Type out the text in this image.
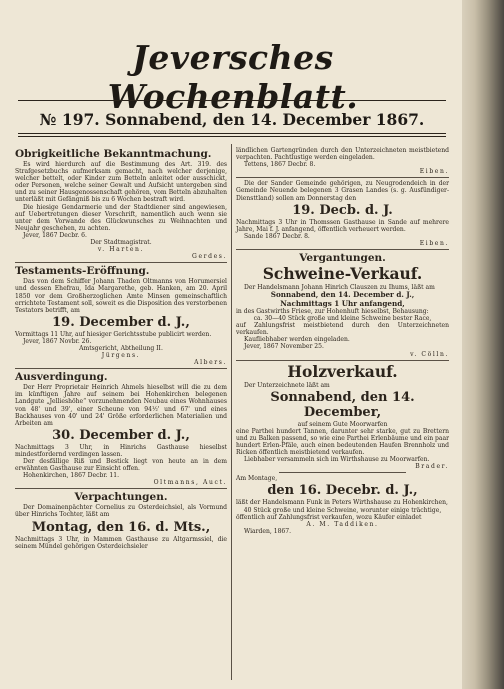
Jeversches Wochenblatt.
№ 197. Sonnabend, den 14. December 1867.
Obrigkeitliche Bekanntmachung.

Es wird hierdurch auf die Bestimmung des Art. 319. des Strafgesetzbuchs aufmerksam gemacht, nach welcher derjenige, welcher bettelt, oder Kinder zum Betteln anleitet oder ausschickt, oder Personen, welche seiner Gewalt und Aufsicht untergeben sind und zu seiner Hausgenossenschaft gehören, vom Betteln abzuhalten unterläßt mit Gefängniß bis zu 6 Wochen bestraft wird.

Die hiesige Gendarmerie und der Stadtdiener sind angewiesen, auf Uebertretungen dieser Vorschrift, namentlich auch wenn sie unter dem Vorwande des Glückwunsches zu Weihnachten und Neujahr geschehen, zu achten.

Jever, 1867 Decbr. 6.

Der Stadtmagistrat.

v. Harten.

Gerdes.

Testaments-Eröffnung.

Das von dem Schiffer Johann Thaden Oltmanns von Horumersiel und dessen Ehefrau, Ida Margarethe, geb. Hanken, am 20. April 1850 vor dem Großherzoglichen Amte Minsen gemeinschaftlich errichtete Testament soll, soweit es die Disposition des verstorbenen Testators betrifft, am

19. December d. J.,

Vormittags 11 Uhr, auf hiesiger Gerichtsstube publicirt werden.

Jever, 1867 Novbr. 26.

Amtsgericht, Abtheilung II.

Jürgens.

Albers.

Ausverdingung.

Der Herr Proprietair Heinrich Ahmels hieselbst will die zu dem im künftigen Jahre auf seinem bei Hohenkirchen belegenen Landgute „Jellieshöhe“ vorzunehmenden Neubau eines Wohnhauses von 48' und 39', einer Scheune von 94½' und 67' und eines Backhauses von 40' und 24' Größe erforderlichen Materialien und Arbeiten am

30. December d. J.,

Nachmittags 3 Uhr, in Hinrichs Gasthause hieselbst mindestfordernd verdingen lassen.

Der desfällige Riß und Bestick liegt von heute an in dem erwähnten Gasthause zur Einsicht offen.

Hohenkirchen, 1867 Decbr. 11.

Oltmanns, Auct.

Verpachtungen.

Der Domainenpächter Cornelius zu Osterdeichsiel, als Vormund über Hinrichs Tochter, läßt am

Montag, den 16. d. Mts.,

Nachmittags 3 Uhr, in Mammen Gasthause zu Altgarmssiel, die seinem Mündel gehörigen Osterdeichsieler

ländlichen Gartengründen durch den Unterzeichneten meistbietend verpachten. Pachtlustige werden eingeladen.

Tettens, 1867 Decbr. 8.

Eiben.

Die der Sander Gemeinde gehörigen, zu Neugrodendeich in der Gemeinde Neuende belegenen 3 Grasen Landes (s. g. Ausfündiger-Diensttland) sollen am Donnerstag den

19. Decb. d. J.

Nachmittags 3 Uhr in Thomssen Gasthause in Sande auf mehrere Jahre, Mai f. J. anfangend, öffentlich verheuert werden.

Sande 1867 Decbr. 8.

Eiben.

Vergantungen.
Schweine-Verkauf.

Der Handelsmann Johann Hinrich Clauszen zu Ihums, läßt am

Sonnabend, den 14. December d. J.,
Nachmittags 1 Uhr anfangend,

in des Gastwirths Friese, zur Hohenhuft hieselbst, Behausung:

ca. 30—40 Stück große und kleine Schweine bester Race,

auf Zahlungsfrist meistbietend durch den Unterzeichneten verkaufen.

Kaufliebhaber werden eingeladen.

Jever, 1867 November 25.

v. Cölln.

Holzverkauf.

Der Unterzeichnete läßt am

Sonnabend, den 14. December,

auf seinem Gute Moorwarfen

eine Parthei hundert Tannen, darunter sehr starke, gut zu Brettern und zu Balken passend, so wie eine Parthei Erlenbäume und ein paar hundert Erlen-Pfäle, auch einen bedeutenden Haufen Brennholz und Ricken öffentlich meistbietend verkaufen.

Liebhaber versammeln sich im Wirthshause zu Moorwarfen.

Brader.

Am Montage,

den 16. Decebr. d. J.,

läßt der Handelsmann Funk in Peters Wirthshause zu Hohenkirchen,

40 Stück große und kleine Schweine, worunter einige trächtige,

öffentlich auf Zahlungsfrist verkaufen, wozu Käufer einladet

A. M. Taddiken.

Wiarden, 1867.
